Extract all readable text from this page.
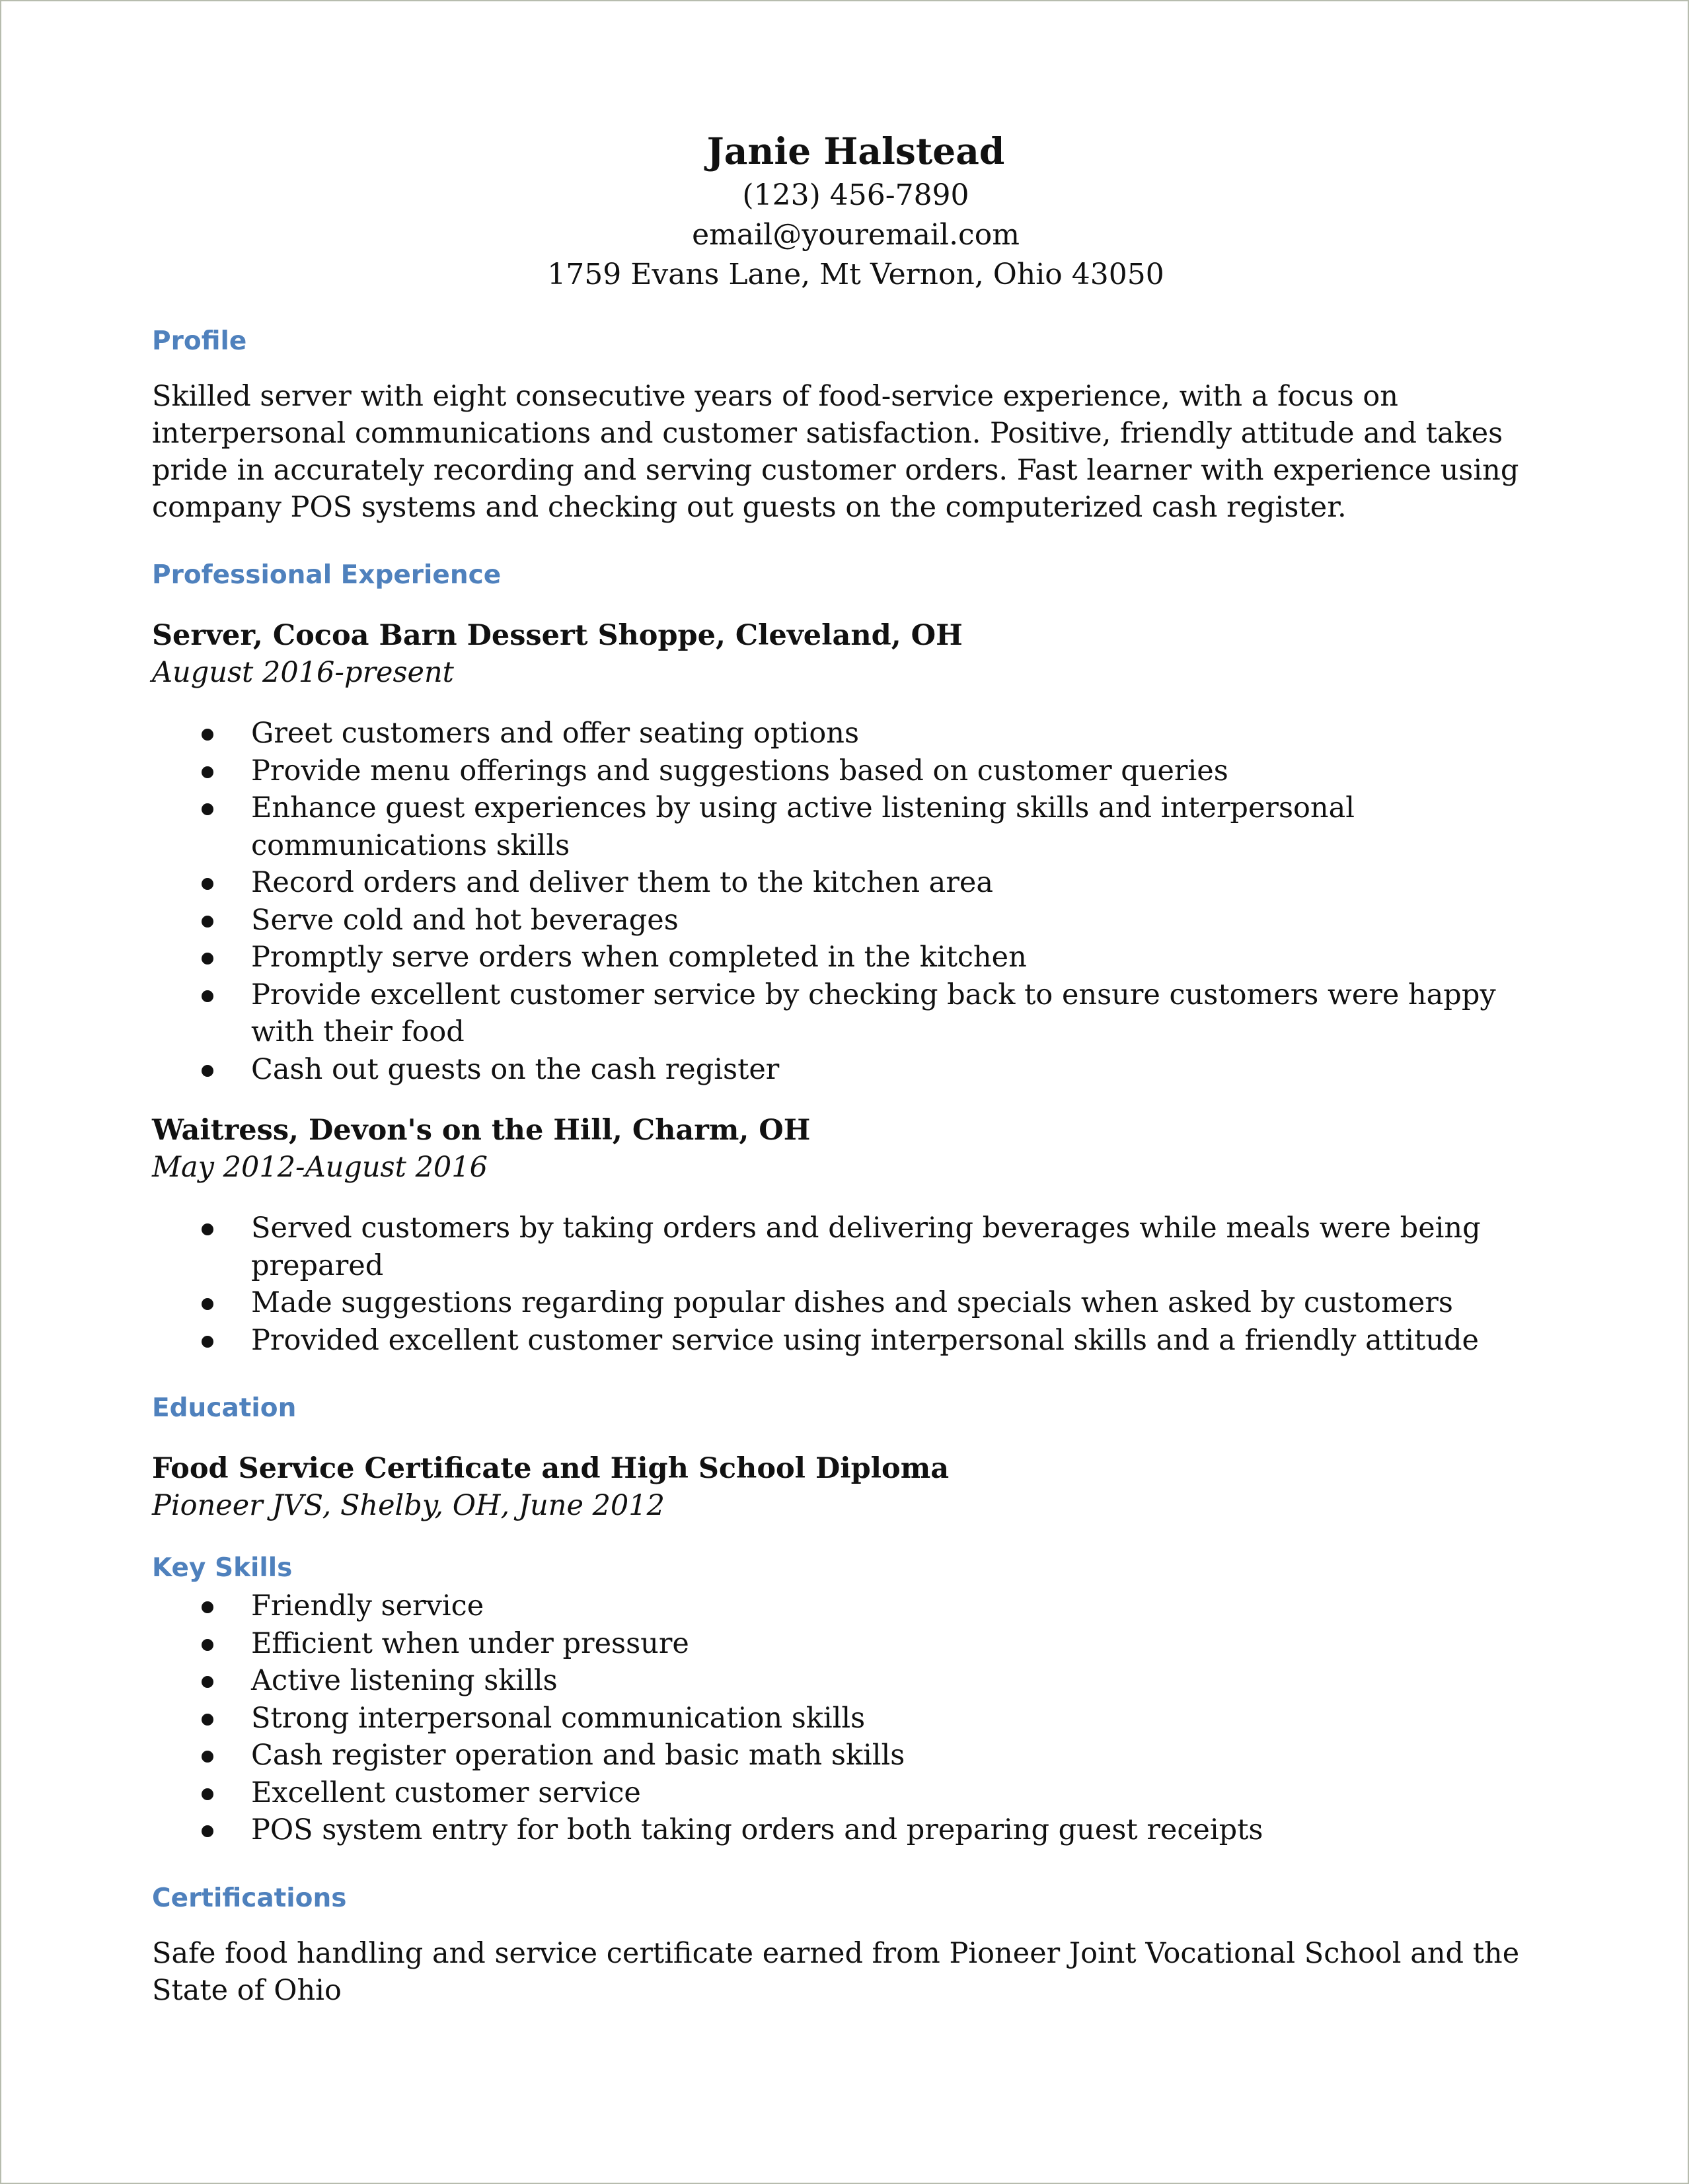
Janie Halstead
(123) 456-7890
email@youremail.com
1759 Evans Lane, Mt Vernon, Ohio 43050
Profile
Skilled server with eight consecutive years of food-service experience, with a focus on interpersonal communications and customer satisfaction. Positive, friendly attitude and takes pride in accurately recording and serving customer orders. Fast learner with experience using company POS systems and checking out guests on the computerized cash register.
Professional Experience
Server, Cocoa Barn Dessert Shoppe, Cleveland, OH
August 2016-present
Greet customers and offer seating options
Provide menu offerings and suggestions based on customer queries
Enhance guest experiences by using active listening skills and interpersonal communications skills
Record orders and deliver them to the kitchen area
Serve cold and hot beverages
Promptly serve orders when completed in the kitchen
Provide excellent customer service by checking back to ensure customers were happy with their food
Cash out guests on the cash register
Waitress, Devon's on the Hill, Charm, OH
May 2012-August 2016
Served customers by taking orders and delivering beverages while meals were being prepared
Made suggestions regarding popular dishes and specials when asked by customers
Provided excellent customer service using interpersonal skills and a friendly attitude
Education
Food Service Certificate and High School Diploma
Pioneer JVS, Shelby, OH, June 2012
Key Skills
Friendly service
Efficient when under pressure
Active listening skills
Strong interpersonal communication skills
Cash register operation and basic math skills
Excellent customer service
POS system entry for both taking orders and preparing guest receipts
Certifications
Safe food handling and service certificate earned from Pioneer Joint Vocational School and the State of Ohio
